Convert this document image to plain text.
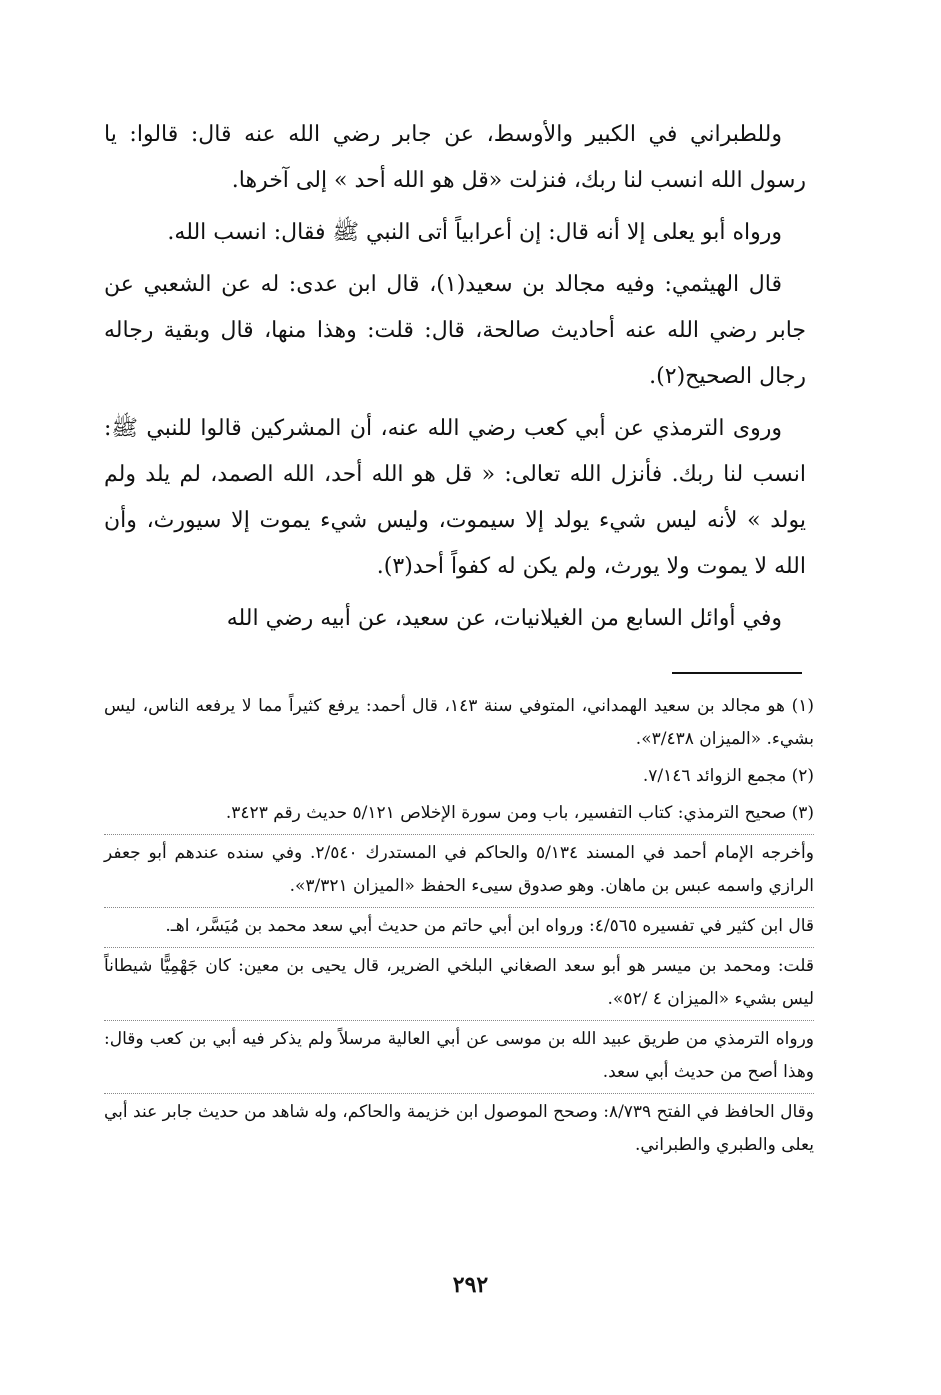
وللطبراني في الكبير والأوسط، عن جابر رضي الله عنه قال: قالوا: يا رسول الله انسب لنا ربك، فنزلت «قل هو الله أحد » إلى آخرها.

ورواه أبو يعلى إلا أنه قال: إن أعرابياً أتى النبي ﷺ فقال: انسب الله.

قال الهيثمي: وفيه مجالد بن سعيد(١)، قال ابن عدى: له عن الشعبي عن جابر رضي الله عنه أحاديث صالحة، قال: قلت: وهذا منها، قال وبقية رجاله رجال الصحيح(٢).

وروى الترمذي عن أبي كعب رضي الله عنه، أن المشركين قالوا للنبي ﷺ: انسب لنا ربك. فأنزل الله تعالى: « قل هو الله أحد، الله الصمد، لم يلد ولم يولد » لأنه ليس شيء يولد إلا سيموت، وليس شيء يموت إلا سيورث، وأن الله لا يموت ولا يورث، ولم يكن له كفواً أحد(٣).

وفي أوائل السابع من الغيلانيات، عن سعيد، عن أبيه رضي الله

(١) هو مجالد بن سعيد الهمداني، المتوفي سنة ١٤٣، قال أحمد: يرفع كثيراً مما لا يرفعه الناس، ليس بشيء. «الميزان ٣/٤٣٨».

(٢) مجمع الزوائد ٧/١٤٦.

(٣) صحيح الترمذي: كتاب التفسير، باب ومن سورة الإخلاص ٥/١٢١ حديث رقم ٣٤٢٣.

وأخرجه الإمام أحمد في المسند ٥/١٣٤ والحاكم في المستدرك ٢/٥٤٠. وفي سنده عندهم أبو جعفر الرازي واسمه عبس بن ماهان. وهو صدوق سيىء الحفظ «الميزان ٣/٣٢١».

قال ابن كثير في تفسيره ٤/٥٦٥: ورواه ابن أبي حاتم من حديث أبي سعد محمد بن مُيَسَّر، اهـ.

قلت: ومحمد بن ميسر هو أبو سعد الصغاني البلخي الضرير، قال يحيى بن معين: كان جَهْمِيًّا شيطاناً ليس بشيء «الميزان ٤ /٥٢».

ورواه الترمذي من طريق عبيد الله بن موسى عن أبي العالية مرسلاً ولم يذكر فيه أبي بن كعب وقال: وهذا أصح من حديث أبي سعد.

وقال الحافظ في الفتح ٨/٧٣٩: وصحح الموصول ابن خزيمة والحاكم، وله شاهد من حديث جابر عند أبي يعلى والطبري والطبراني.

٢٩٢
